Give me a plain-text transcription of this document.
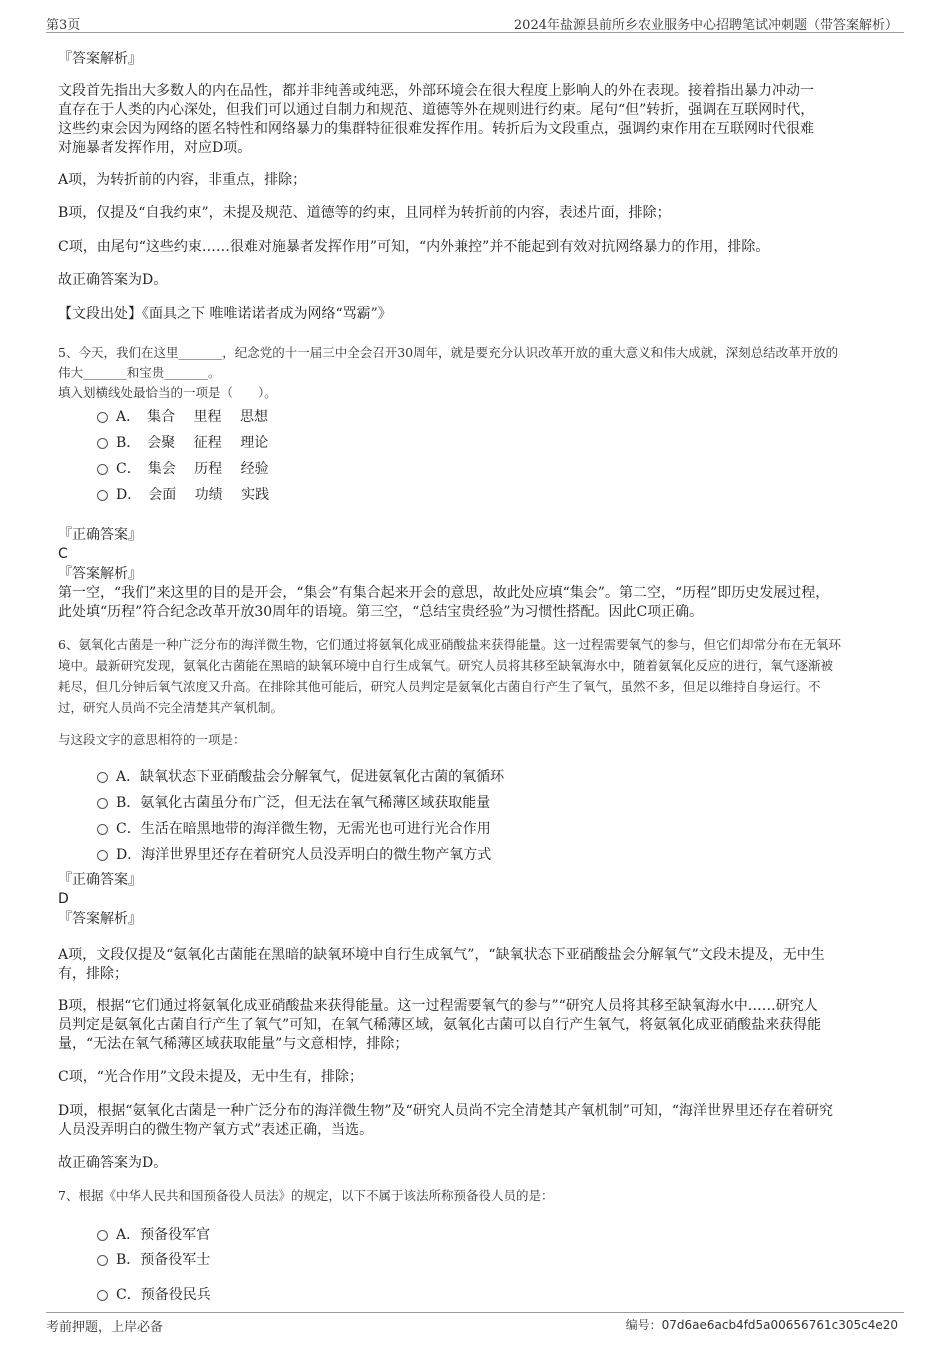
第3页	2024年盐源县前所乡农业服务中心招聘笔试冲刺题（带答案解析）
『答案解析』
文段首先指出大多数人的内在品性，都并非纯善或纯恶，外部环境会在很大程度上影响人的外在表现。接着指出暴力冲动一
直存在于人类的内心深处，但我们可以通过自制力和规范、道德等外在规则进行约束。尾句“但”转折，强调在互联网时代，
这些约束会因为网络的匿名特性和网络暴力的集群特征很难发挥作用。转折后为文段重点，强调约束作用在互联网时代很难
对施暴者发挥作用，对应D项。
A项，为转折前的内容，非重点，排除；
B项，仅提及“自我约束”，未提及规范、道德等的约束，且同样为转折前的内容，表述片面，排除；
C项，由尾句“这些约束……很难对施暴者发挥作用”可知，“内外兼控”并不能起到有效对抗网络暴力的作用，排除。
故正确答案为D。
【文段出处】《面具之下 唯唯诺诺者成为网络“骂霸”》
5、今天，我们在这里_______，纪念党的十一届三中全会召开30周年，就是要充分认识改革开放的重大意义和伟大成就，深刻总结改革开放的
伟大_______和宝贵_______。
填入划横线处最恰当的一项是（　　）。
A．　集合　 里程　 思想
B．　会聚　 征程　 理论
C．　集会　 历程　 经验
D．　会面　 功绩　 实践
『正确答案』
C
『答案解析』
第一空，“我们”来这里的目的是开会，“集会”有集合起来开会的意思，故此处应填“集会”。第二空，“历程”即历史发展过程，
此处填“历程”符合纪念改革开放30周年的语境。第三空，“总结宝贵经验”为习惯性搭配。因此C项正确。
6、氨氧化古菌是一种广泛分布的海洋微生物，它们通过将氨氧化成亚硝酸盐来获得能量。这一过程需要氧气的参与，但它们却常分布在无氧环
境中。最新研究发现，氨氧化古菌能在黑暗的缺氧环境中自行生成氧气。研究人员将其移至缺氧海水中，随着氨氧化反应的进行，氧气逐渐被
耗尽，但几分钟后氧气浓度又升高。在排除其他可能后，研究人员判定是氨氧化古菌自行产生了氧气，虽然不多，但足以维持自身运行。不
过，研究人员尚不完全清楚其产氧机制。
与这段文字的意思相符的一项是：
A．缺氧状态下亚硝酸盐会分解氧气，促进氨氧化古菌的氧循环
B．氨氧化古菌虽分布广泛，但无法在氧气稀薄区域获取能量
C．生活在暗黑地带的海洋微生物，无需光也可进行光合作用
D．海洋世界里还存在着研究人员没弄明白的微生物产氧方式
『正确答案』
D
『答案解析』
A项，文段仅提及“氨氧化古菌能在黑暗的缺氧环境中自行生成氧气”，“缺氧状态下亚硝酸盐会分解氧气”文段未提及，无中生
有，排除；
B项，根据“它们通过将氨氧化成亚硝酸盐来获得能量。这一过程需要氧气的参与”“研究人员将其移至缺氧海水中……研究人
员判定是氨氧化古菌自行产生了氧气”可知，在氧气稀薄区域，氨氧化古菌可以自行产生氧气，将氨氧化成亚硝酸盐来获得能
量，“无法在氧气稀薄区域获取能量”与文意相悖，排除；
C项，“光合作用”文段未提及，无中生有，排除；
D项，根据“氨氧化古菌是一种广泛分布的海洋微生物”及“研究人员尚不完全清楚其产氧机制”可知，“海洋世界里还存在着研究
人员没弄明白的微生物产氧方式”表述正确，当选。
故正确答案为D。
7、根据《中华人民共和国预备役人员法》的规定，以下不属于该法所称预备役人员的是：
A．预备役军官
B．预备役军士
C．预备役民兵
考前押题，上岸必备	编号：07d6ae6acb4fd5a00656761c305c4e20
